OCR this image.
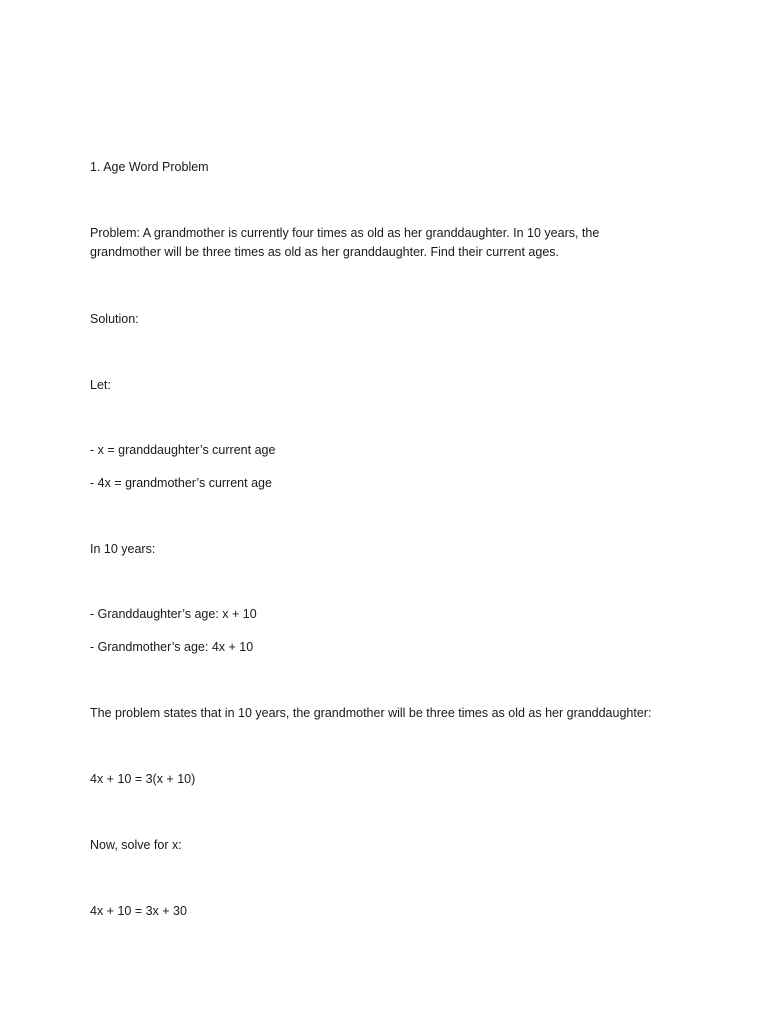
1. Age Word Problem
Problem: A grandmother is currently four times as old as her granddaughter. In 10 years, the
grandmother will be three times as old as her granddaughter. Find their current ages.
Solution:
Let:
- x = granddaughter’s current age
- 4x = grandmother’s current age
In 10 years:
- Granddaughter’s age: x + 10
- Grandmother’s age: 4x + 10
The problem states that in 10 years, the grandmother will be three times as old as her granddaughter:
4x + 10 = 3(x + 10)
Now, solve for x:
4x + 10 = 3x + 30
